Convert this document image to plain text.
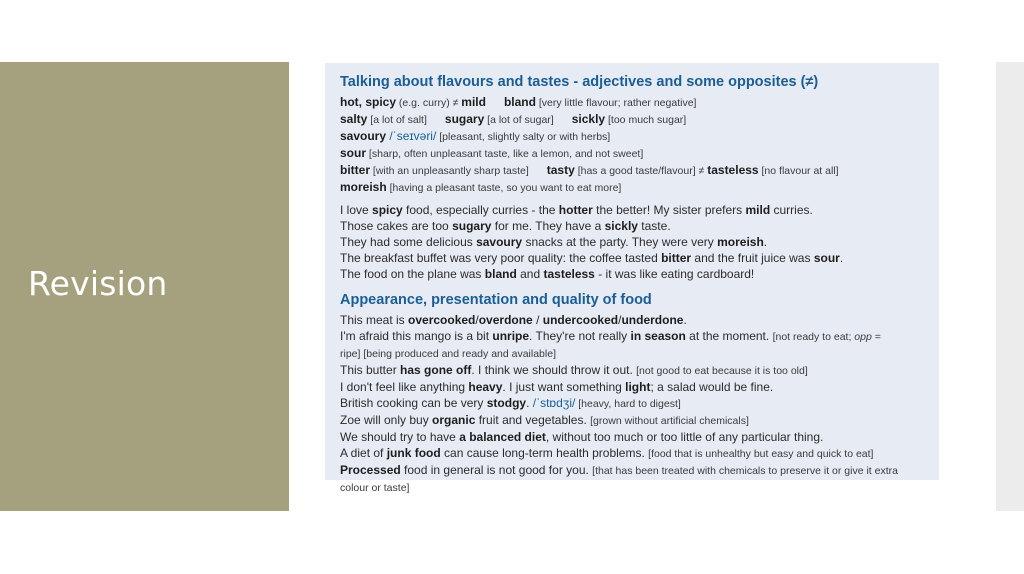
Revision
Talking about flavours and tastes - adjectives and some opposites (≠)
hot, spicy (e.g. curry) ≠ mild bland [very little flavour; rather negative]
salty [a lot of salt] sugary [a lot of sugar] sickly [too much sugar]
savoury /ˈseɪvəri/ [pleasant, slightly salty or with herbs]
sour [sharp, often unpleasant taste, like a lemon, and not sweet]
bitter [with an unpleasantly sharp taste] tasty [has a good taste/flavour] ≠ tasteless [no flavour at all]
moreish [having a pleasant taste, so you want to eat more]
I love spicy food, especially curries - the hotter the better! My sister prefers mild curries.
Those cakes are too sugary for me. They have a sickly taste.
They had some delicious savoury snacks at the party. They were very moreish.
The breakfast buffet was very poor quality: the coffee tasted bitter and the fruit juice was sour.
The food on the plane was bland and tasteless - it was like eating cardboard!
Appearance, presentation and quality of food
This meat is overcooked/overdone / undercooked/underdone.
I'm afraid this mango is a bit unripe. They're not really in season at the moment. [not ready to eat; opp = ripe] [being produced and ready and available]
This butter has gone off. I think we should throw it out. [not good to eat because it is too old]
I don't feel like anything heavy. I just want something light; a salad would be fine.
British cooking can be very stodgy. /ˈstɒdʒi/ [heavy, hard to digest]
Zoe will only buy organic fruit and vegetables. [grown without artificial chemicals]
We should try to have a balanced diet, without too much or too little of any particular thing.
A diet of junk food can cause long-term health problems. [food that is unhealthy but easy and quick to eat] Processed food in general is not good for you. [that has been treated with chemicals to preserve it or give it extra colour or taste]
